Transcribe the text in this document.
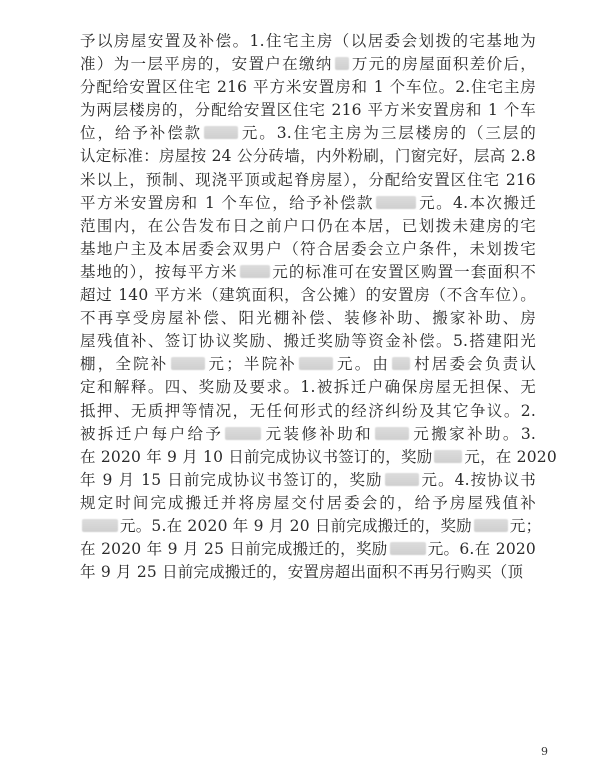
予以房屋安置及补偿。1.住宅主房（以居委会划拨的宅基地为
准）为一层平房的，安置户在缴纳 万元的房屋面积差价后，
分配给安置区住宅 216 平方米安置房和 1 个车位。2.住宅主房
为两层楼房的，分配给安置区住宅 216 平方米安置房和 1 个车
位，给予补偿款 元。3.住宅主房为三层楼房的（三层的
认定标准：房屋按 24 公分砖墙，内外粉刷，门窗完好，层高 2.8
米以上，预制、现浇平顶或起脊房屋），分配给安置区住宅 216
平方米安置房和 1 个车位，给予补偿款	元。4.本次搬迁
范围内，在公告发布日之前户口仍在本居，已划拨未建房的宅
基地户主及本居委会双男户（符合居委会立户条件，未划拨宅
基地的），按每平方米 元的标准可在安置区购置一套面积不
超过 140 平方米（建筑面积，含公摊）的安置房（不含车位）。
不再享受房屋补偿、阳光棚补偿、装修补助、搬家补助、房
屋残值补、签订协议奖励、搬迁奖励等资金补偿。5.搭建阳光
棚，全院补 元；半院补 元。由 村居委会负责认
定和解释。四、奖励及要求。1.被拆迁户确保房屋无担保、无
抵押、无质押等情况，无任何形式的经济纠纷及其它争议。2.
被拆迁户每户给予	元装修补助和 元搬家补助。3.
在 2020 年 9 月 10 日前完成协议书签订的，奖励 元，在 2020
年 9 月 15 日前完成协议书签订的，奖励 元。4.按协议书
规定时间完成搬迁并将房屋交付居委会的，给予房屋残值补
元。5.在 2020 年 9 月 20 日前完成搬迁的，奖励 元；
在 2020 年 9 月 25 日前完成搬迁的，奖励	元。6.在 2020
年 9 月 25 日前完成搬迁的，安置房超出面积不再另行购买（顶
9
